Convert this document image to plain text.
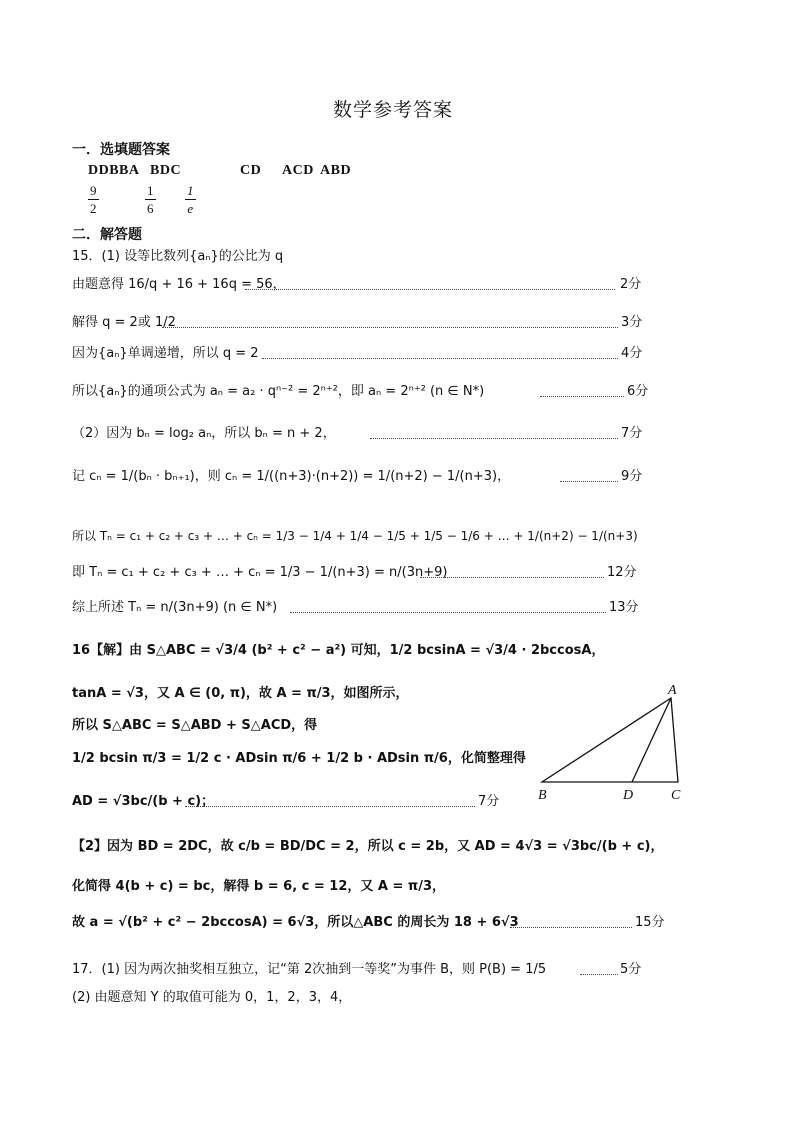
数学参考答案
一．选填题答案
DDBBA BDC	CD ACD ABD
$\frac{9}{2}$	$\frac{1}{6} \frac{1}{e}$
二．解答题
15．(1) 设等比数列{aₙ}的公比为 q
由题意得 16/q + 16 + 16q = 56，	2分
解得 q = 2或 1/2	3分
因为{aₙ}单调递增，所以 q = 2	4分
所以{aₙ}的通项公式为 aₙ = a₂ · qⁿ⁻² = 2ⁿ⁺²，即 aₙ = 2ⁿ⁺² (n ∈ N*)	6分
（2）因为 bₙ = log₂ aₙ，所以 bₙ = n + 2，	7分
记 cₙ = 1/(bₙ · bₙ₊₁)，则 cₙ = 1/((n+3)·(n+2)) = 1/(n+2) − 1/(n+3)，	9分
所以 Tₙ = c₁ + c₂ + c₃ + … + cₙ = 1/3 − 1/4 + 1/4 − 1/5 + 1/5 − 1/6 + … + 1/(n+2) − 1/(n+3)
即 Tₙ = c₁ + c₂ + c₃ + … + cₙ = 1/3 − 1/(n+3) = n/(3n+9)	12分
综上所述 Tₙ = n/(3n+9) (n ∈ N*)	13分
16【解】由 S△ABC = √3/4 (b² + c² − a²) 可知，1/2 bcsinA = √3/4 · 2bccosA，
tanA = √3，又 A ∈ (0, π)，故 A = π/3，如图所示，
所以 S△ABC = S△ABD + S△ACD，得
1/2 bcsin π/3 = 1/2 c · ADsin π/6 + 1/2 b · ADsin π/6，化简整理得
AD = √3bc/(b + c)；	7分
A
B	D	C
【2】因为 BD = 2DC，故 c/b = BD/DC = 2，所以 c = 2b，又 AD = 4√3 = √3bc/(b + c)，
化简得 4(b + c) = bc，解得 b = 6, c = 12，又 A = π/3，
故 a = √(b² + c² − 2bccosA) = 6√3，所以△ABC 的周长为 18 + 6√3	15分
17．(1) 因为两次抽奖相互独立，记“第 2次抽到一等奖”为事件 B，则 P(B) = 1/5	5分
(2) 由题意知 Y 的取值可能为 0，1，2，3，4，
